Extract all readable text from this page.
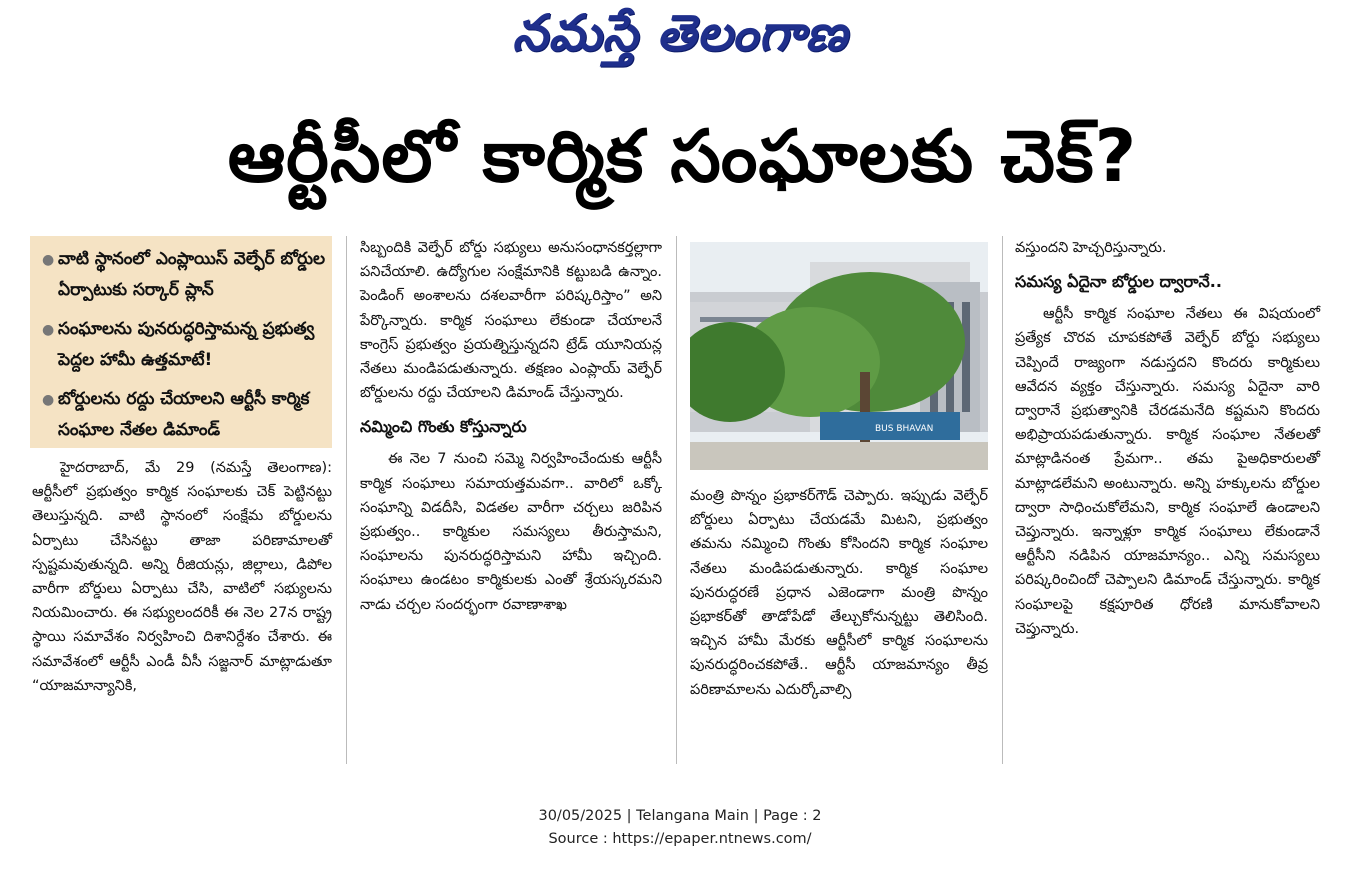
నమస్తే తెలంగాణ
ఆర్టీసీలో కార్మిక సంఘాలకు చెక్?
● వాటి స్థానంలో ఎంప్లాయిస్ వెల్ఫేర్ బోర్డుల ఏర్పాటుకు సర్కార్ ప్లాన్
● సంఘాలను పునరుద్ధరిస్తామన్న ప్రభుత్వ పెద్దల హామీ ఉత్తమాటే!
● బోర్డులను రద్దు చేయాలని ఆర్టీసీ కార్మిక సంఘాల నేతల డిమాండ్

హైదరాబాద్, మే 29 (నమస్తే తెలంగాణ): ఆర్టీసీలో ప్రభుత్వం కార్మిక సంఘాలకు చెక్ పెట్టినట్టు తెలుస్తున్నది. వాటి స్థానంలో సంక్షేమ బోర్డులను ఏర్పాటు చేసినట్టు తాజా పరిణామాలతో స్పష్టమవుతున్నది. అన్ని రీజియన్లు, జిల్లాలు, డిపోల వారీగా బోర్డులు ఏర్పాటు చేసి, వాటిలో సభ్యులను నియమించారు. ఈ సభ్యులందరికీ ఈ నెల 27న రాష్ట్ర స్థాయి సమావేశం నిర్వహించి దిశానిర్దేశం చేశారు. ఈ సమావేశంలో ఆర్టీసీ ఎండీ వీసీ సజ్జనార్ మాట్లాడుతూ “యాజమాన్యానికి,

సిబ్బందికి వెల్ఫేర్ బోర్డు సభ్యులు అనుసంధానకర్తల్లాగా పనిచేయాలి. ఉద్యోగుల సంక్షేమానికి కట్టుబడి ఉన్నాం. పెండింగ్ అంశాలను దశలవారీగా పరిష్కరిస్తాం” అని పేర్కొన్నారు. కార్మిక సంఘాలు లేకుండా చేయాలనే కాంగ్రెస్ ప్రభుత్వం ప్రయత్నిస్తున్నదని ట్రేడ్ యూనియన్ల నేతలు మండిపడుతున్నారు. తక్షణం ఎంప్లాయ్ వెల్ఫేర్ బోర్డులను రద్దు చేయాలని డిమాండ్ చేస్తున్నారు.

నమ్మించి గొంతు కోస్తున్నారు

ఈ నెల 7 నుంచి సమ్మె నిర్వహించేందుకు ఆర్టీసీ కార్మిక సంఘాలు సమాయత్తమవగా.. వారిలో ఒక్కో సంఘాన్ని విడదీసి, విడతల వారీగా చర్చలు జరిపిన ప్రభుత్వం.. కార్మికుల సమస్యలు తీరుస్తామని, సంఘాలను పునరుద్ధరిస్తామని హామీ ఇచ్చింది. సంఘాలు ఉండటం కార్మికులకు ఎంతో శ్రేయస్కరమని నాడు చర్చల సందర్భంగా రవాణాశాఖ

BUS BHAVAN

మంత్రి పొన్నం ప్రభాకర్‌గౌడ్ చెప్పారు. ఇప్పుడు వెల్ఫేర్ బోర్డులు ఏర్పాటు చేయడమే మిటని, ప్రభుత్వం తమను నమ్మించి గొంతు కోసిందని కార్మిక సంఘాల నేతలు మండిపడుతున్నారు. కార్మిక సంఘాల పునరుద్ధరణే ప్రధాన ఎజెండాగా మంత్రి పొన్నం ప్రభాకర్‌తో తాడోపేడో తేల్చుకోనున్నట్టు తెలిసింది. ఇచ్చిన హామీ మేరకు ఆర్టీసీలో కార్మిక సంఘాలను పునరుద్ధరించకపోతే.. ఆర్టీసీ యాజమాన్యం తీవ్ర పరిణామాలను ఎదుర్కోవాల్సి

వస్తుందని హెచ్చరిస్తున్నారు.

సమస్య ఏదైనా బోర్డుల ద్వారానే..

ఆర్టీసీ కార్మిక సంఘాల నేతలు ఈ విషయంలో ప్రత్యేక చొరవ చూపకపోతే వెల్ఫేర్ బోర్డు సభ్యులు చెప్పిందే రాజ్యంగా నడుస్తదని కొందరు కార్మికులు ఆవేదన వ్యక్తం చేస్తున్నారు. సమస్య ఏదైనా వారి ద్వారానే ప్రభుత్వానికి చేరడమనేది కష్టమని కొందరు అభిప్రాయపడుతున్నారు. కార్మిక సంఘాల నేతలతో మాట్లాడినంత ప్రేమగా.. తమ పైఅధికారులతో మాట్లాడలేమని అంటున్నారు. అన్ని హక్కులను బోర్డుల ద్వారా సాధించుకోలేమని, కార్మిక సంఘాలే ఉండాలని చెప్తున్నారు. ఇన్నాళ్లూ కార్మిక సంఘాలు లేకుండానే ఆర్టీసీని నడిపిన యాజమాన్యం.. ఎన్ని సమస్యలు పరిష్కరించిందో చెప్పాలని డిమాండ్ చేస్తున్నారు. కార్మిక సంఘాలపై కక్షపూరిత ధోరణి మానుకోవాలని చెప్తున్నారు.

30/05/2025 | Telangana Main | Page : 2
Source : https://epaper.ntnews.com/
